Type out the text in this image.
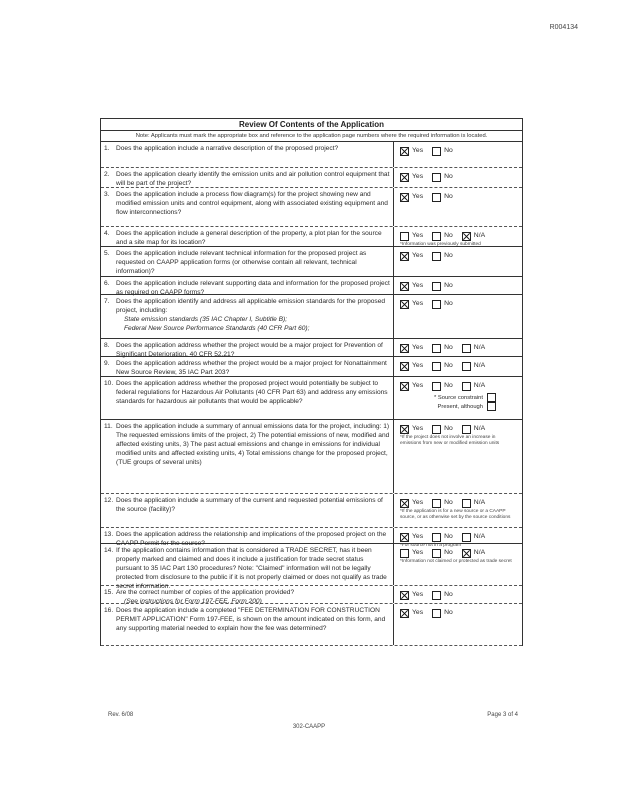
R004134
Review Of Contents of the Application
Note: Applicants must mark the appropriate box and reference to the application page numbers where the required information is located.
1. Does the application include a narrative description of the proposed project?	Yes	No
2. Does the application clearly identify the emission units and air pollution control equipment that will be part of the project?
Yes	No
3. Does the application include a process flow diagram(s) for the project showing new and modified emission units and control equipment, along with associated existing equipment and flow interconnections?
Yes	No
4. Does the application include a general description of the property, a plot plan for the source and a site map for its location?
Yes	No	N/A
*Information was previously submitted
5. Does the application include relevant technical information for the proposed project as requested on CAAPP application forms (or otherwise contain all relevant, technical information)?
Yes	No
6. Does the application include relevant supporting data and information for the proposed project as required on CAAPP forms?
Yes	No
7. Does the application identify and address all applicable emission standards for the proposed project, including:
State emission standards (35 IAC Chapter I, Subtitle B);
Federal New Source Performance Standards (40 CFR Part 60);
Yes	No
8. Does the application address whether the project would be a major project for Prevention of Significant Deterioration, 40 CFR 52.21?
Yes	No	N/A
9. Does the application address whether the project would be a major project for Nonattainment New Source Review, 35 IAC Part 203?
Yes	No	N/A
10. Does the application address whether the proposed project would potentially be subject to federal regulations for Hazardous Air Pollutants (40 CFR Part 63) and address any emissions standards for hazardous air pollutants that would be applicable?
Yes	No	N/A
* Source constraint
Present, although
11. Does the application include a summary of annual emissions data for the project, including: 1) The requested emissions limits of the project, 2) The potential emissions of new, modified and affected existing units, 3) The past actual emissions and change in emissions for individual modified units and affected existing units, 4) Total emissions change for the proposed project, (TUE groups of several units)
Yes	No	N/A
*If the project does not involve an increase in emissions from new or modified emission units
12. Does the application include a summary of the current and requested potential emissions of the source (facility)?
Yes	No	N/A
*If the application is for a new source or a CAAPP source, or as otherwise set by the source conditions
13. Does the application address the relationship and implications of the proposed project on the CAAPP Permit for the source?
Yes	No	N/A
*For source not in a program
14. If the application contains information that is considered a TRADE SECRET, has it been properly marked and claimed and does it include a justification for trade secret status pursuant to 35 IAC Part 130 procedures? Note: "Claimed" information will not be legally protected from disclosure to the public if it is not properly claimed or does not qualify as trade secret information.
Yes	No	N/A
*Information not claimed or protected as trade secret
15. Are the correct number of copies of the application provided?
(See instructions for Form 197-FEE, Form 200)
Yes	No
16. Does the application include a completed "FEE DETERMINATION FOR CONSTRUCTION PERMIT APPLICATION" Form 197-FEE, is shown on the amount indicated on this form, and any supporting material needed to explain how the fee was determined?
Yes	No
Rev. 6/08	Page 3 of 4
302-CAAPP
